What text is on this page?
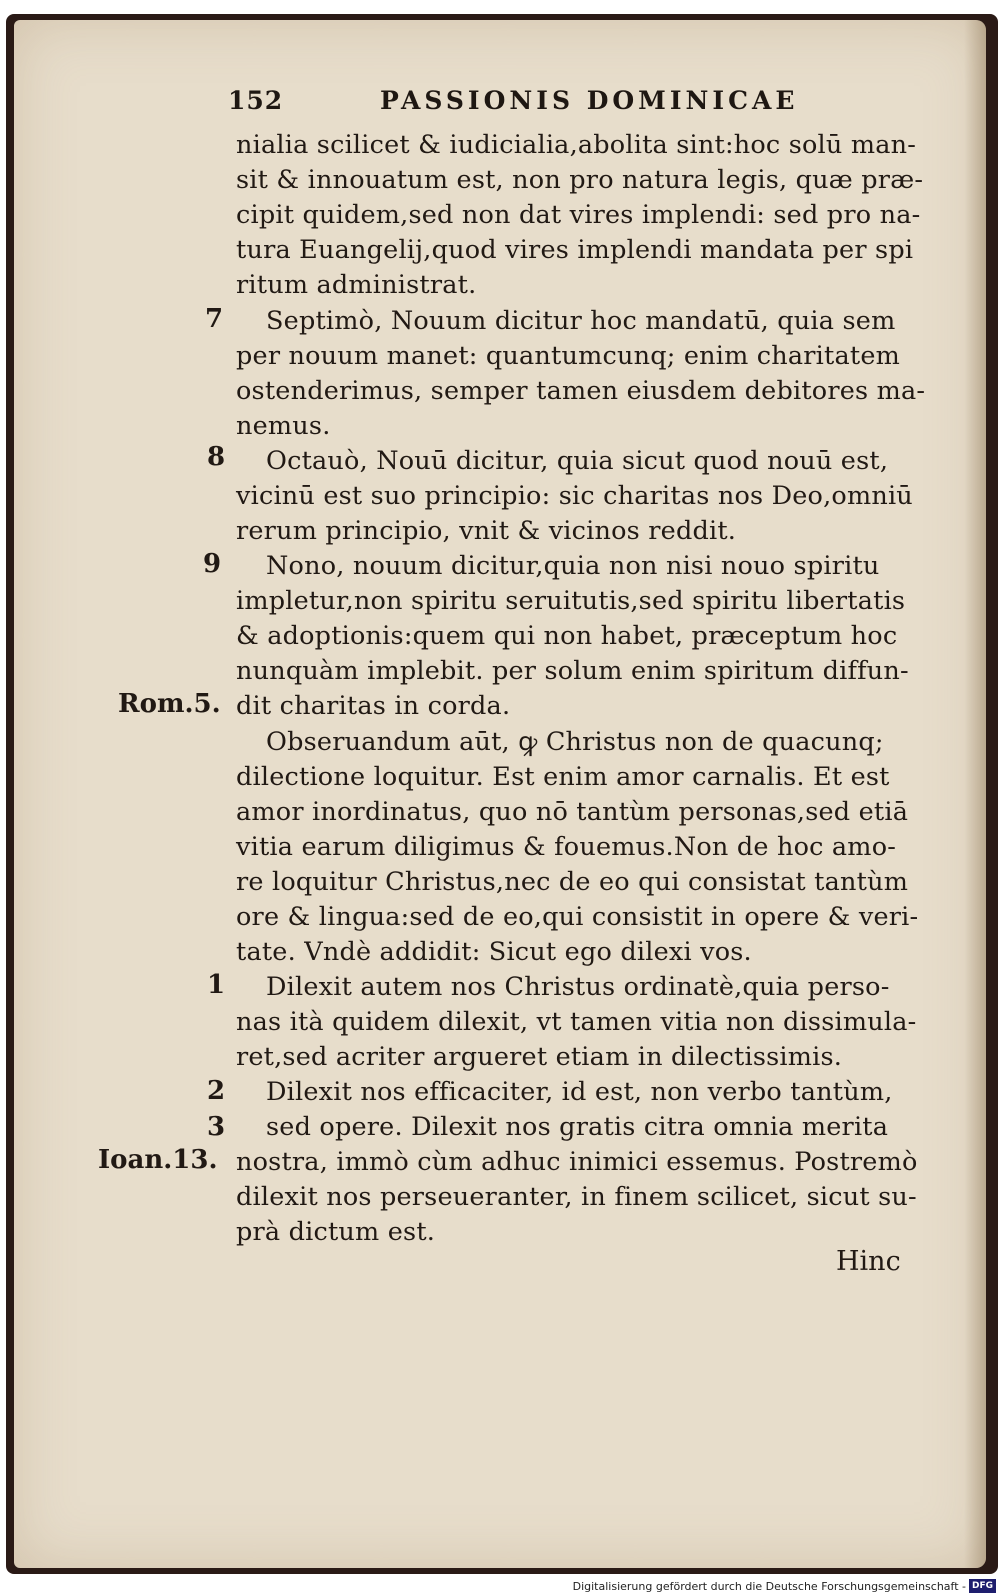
152	PASSIONIS DOMINICAE
nialia scilicet & iudicialia,abolita sint:hoc solū man-
sit & innouatum est, non pro natura legis, quæ præ-
cipit quidem,sed non dat vires implendi: sed pro na-
tura Euangelij,quod vires implendi mandata per spi
ritum administrat.
Septimò, Nouum dicitur hoc mandatū, quia sem
per nouum manet: quantumcunq; enim charitatem
ostenderimus, semper tamen eiusdem debitores ma-
nemus.
Octauò, Nouū dicitur, quia sicut quod nouū est,
vicinū est suo principio: sic charitas nos Deo,omniū
rerum principio, vnit & vicinos reddit.
Nono, nouum dicitur,quia non nisi nouo spiritu
impletur,non spiritu seruitutis,sed spiritu libertatis
& adoptionis:quem qui non habet, præceptum hoc
nunquàm implebit. per solum enim spiritum diffun-
dit charitas in corda.
Obseruandum aūt, ꝙ Christus non de quacunq;
dilectione loquitur. Est enim amor carnalis. Et est
amor inordinatus, quo nō tantùm personas,sed etiā
vitia earum diligimus & fouemus.Non de hoc amo-
re loquitur Christus,nec de eo qui consistat tantùm
ore & lingua:sed de eo,qui consistit in opere & veri-
tate. Vndè addidit: Sicut ego dilexi vos.
Dilexit autem nos Christus ordinatè,quia perso-
nas ità quidem dilexit, vt tamen vitia non dissimula-
ret,sed acriter argueret etiam in dilectissimis.
Dilexit nos efficaciter, id est, non verbo tantùm,
sed opere. Dilexit nos gratis citra omnia merita
nostra, immò cùm adhuc inimici essemus. Postremò
dilexit nos perseueranter, in finem scilicet, sicut su-
prà dictum est.
7
8
9
1
2
3
Rom.5.
Ioan.13.
Hinc
Digitalisierung gefördert durch die Deutsche Forschungsgemeinschaft - DFG
